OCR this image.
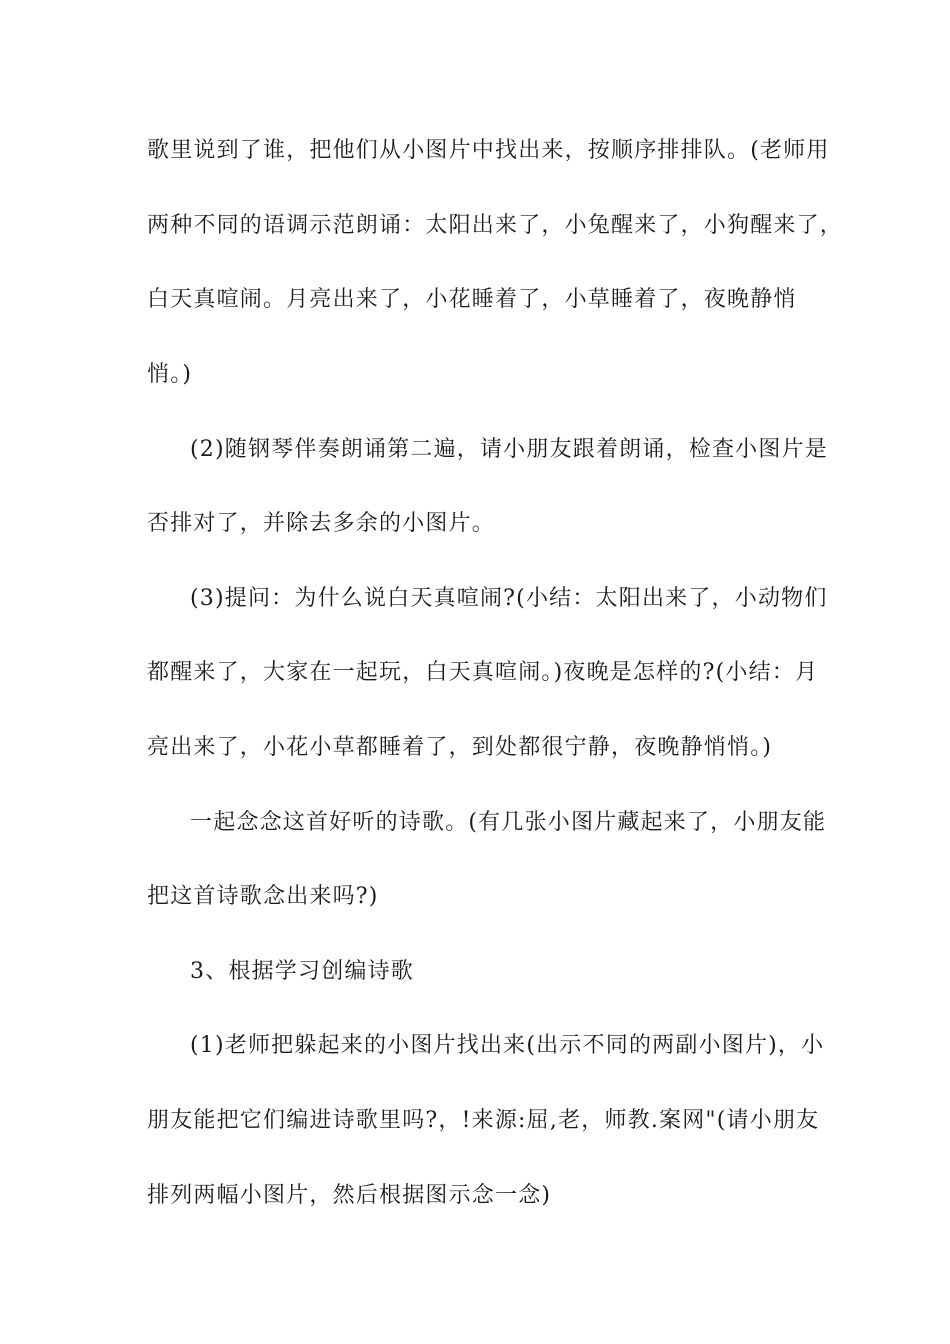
歌里说到了谁，把他们从小图片中找出来，按顺序排排队。(老师用
两种不同的语调示范朗诵：太阳出来了，小兔醒来了，小狗醒来了，
白天真喧闹。月亮出来了，小花睡着了，小草睡着了，夜晚静悄
悄。)
(2)随钢琴伴奏朗诵第二遍，请小朋友跟着朗诵，检查小图片是
否排对了，并除去多余的小图片。
(3)提问：为什么说白天真喧闹?(小结：太阳出来了，小动物们
都醒来了，大家在一起玩，白天真喧闹。)夜晚是怎样的?(小结：月
亮出来了，小花小草都睡着了，到处都很宁静，夜晚静悄悄。)
一起念念这首好听的诗歌。(有几张小图片藏起来了，小朋友能
把这首诗歌念出来吗?)
3、根据学习创编诗歌
(1)老师把躲起来的小图片找出来(出示不同的两副小图片)，小
朋友能把它们编进诗歌里吗?，!来源:屈,老，师教.案网"(请小朋友
排列两幅小图片，然后根据图示念一念)
